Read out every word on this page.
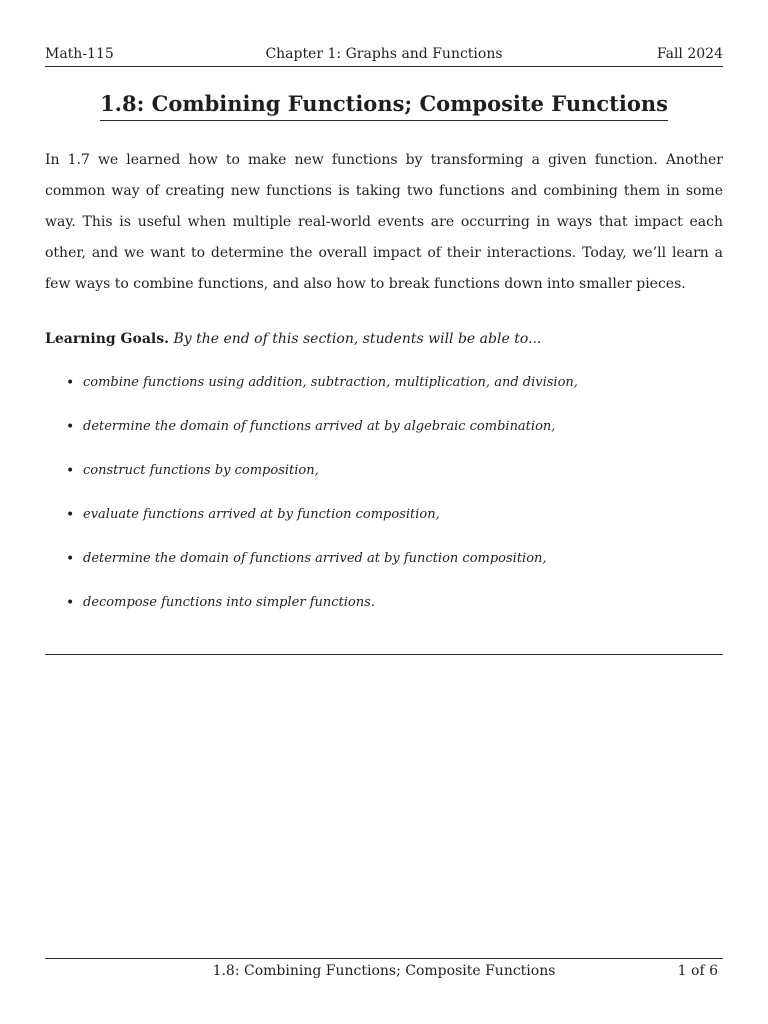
Math-115	Chapter 1: Graphs and Functions	Fall 2024
1.8: Combining Functions; Composite Functions

In 1.7 we learned how to make new functions by transforming a given function. Another common way of creating new functions is taking two functions and combining them in some way. This is useful when multiple real-world events are occurring in ways that impact each other, and we want to determine the overall impact of their interactions. Today, we’ll learn a few ways to combine functions, and also how to break functions down into smaller pieces.

Learning Goals. By the end of this section, students will be able to...
• combine functions using addition, subtraction, multiplication, and division,
• determine the domain of functions arrived at by algebraic combination,
• construct functions by composition,
• evaluate functions arrived at by function composition,
• determine the domain of functions arrived at by function composition,
• decompose functions into simpler functions.
1.8: Combining Functions; Composite Functions	1 of 6
